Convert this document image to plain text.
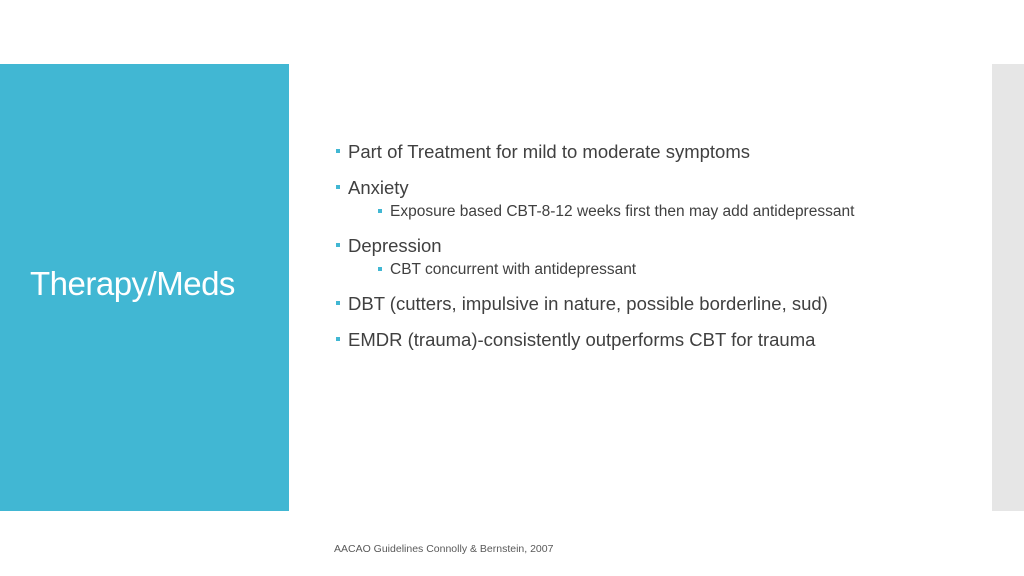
Therapy/Meds
Part of Treatment for mild to moderate symptoms
Anxiety
Exposure based CBT-8-12 weeks first then may add antidepressant
Depression
CBT concurrent with antidepressant
DBT (cutters, impulsive in nature, possible borderline, sud)
EMDR (trauma)-consistently outperforms CBT for trauma
AACAO Guidelines Connolly & Bernstein, 2007
